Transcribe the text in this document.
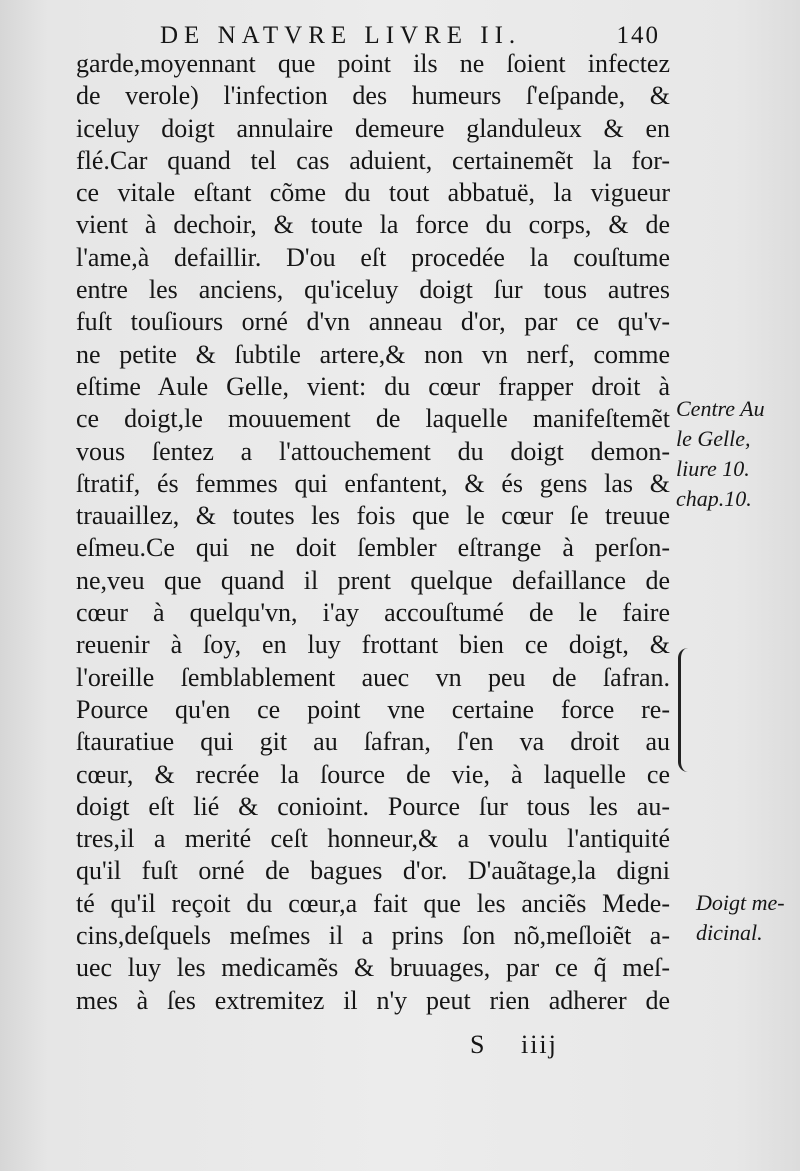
DE NATVRE LIVRE II.	140
garde,moyennant que point ils ne ſoient infectez
de verole) l'infection des humeurs ſ'eſpande, &
iceluy doigt annulaire demeure glanduleux & en
flé.Car quand tel cas aduient, certainemẽt la for-
ce vitale eſtant cõme du tout abbatuë, la vigueur
vient à dechoir, & toute la force du corps, & de
l'ame,à defaillir. D'ou eſt procedée la couſtume
entre les anciens, qu'iceluy doigt ſur tous autres
fuſt touſiours orné d'vn anneau d'or, par ce qu'v-
ne petite & ſubtile artere,& non vn nerf, comme
eſtime Aule Gelle, vient: du cœur frapper droit à
ce doigt,le mouuement de laquelle manifeſtemẽt
vous ſentez a l'attouchement du doigt demon-
ſtratif, és femmes qui enfantent, & és gens las &
trauaillez, & toutes les fois que le cœur ſe treuue
eſmeu.Ce qui ne doit ſembler eſtrange à perſon-
ne,veu que quand il prent quelque defaillance de
cœur à quelqu'vn, i'ay accouſtumé de le faire
reuenir à ſoy, en luy frottant bien ce doigt, &
l'oreille ſemblablement auec vn peu de ſafran.
Pource qu'en ce point vne certaine force re-
ſtauratiue qui git au ſafran, ſ'en va droit au
cœur, & recrée la ſource de vie, à laquelle ce
doigt eſt lié & conioint. Pource ſur tous les au-
tres,il a merité ceſt honneur,& a voulu l'antiquité
qu'il fuſt orné de bagues d'or. D'auãtage,la digni
té qu'il reçoit du cœur,a fait que les anciẽs Mede-
cins,deſquels meſmes il a prins ſon nõ,meſloiẽt a-
uec luy les medicamẽs & bruuages, par ce q̃ meſ-
mes à ſes extremitez il n'y peut rien adherer de
Centre Au
le Gelle,
liure 10.
chap.10.
Doigt me-
dicinal.
S iiij
